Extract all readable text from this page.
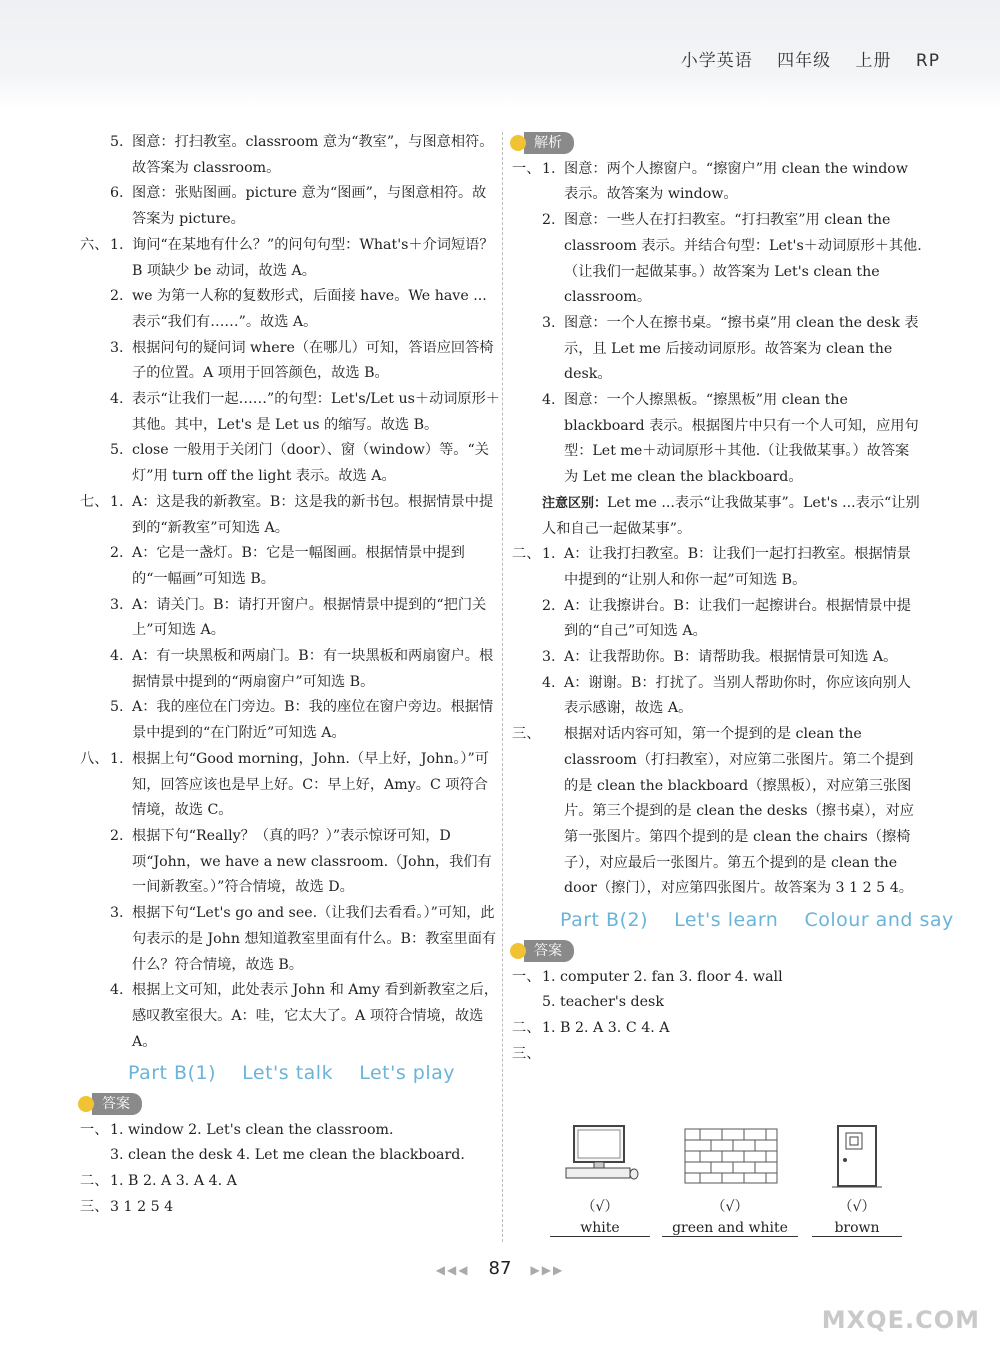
小学英语 四年级 上册 RP
5. 图意：打扫教室。classroom 意为“教室”，与图意相符。故答案为 classroom。
6. 图意：张贴图画。picture 意为“图画”，与图意相符。故答案为 picture。
六、 1. 询问“在某地有什么？”的问句句型：What's＋介词短语？B 项缺少 be 动词，故选 A。
2. we 为第一人称的复数形式，后面接 have。We have ... 表示“我们有……”。故选 A。
3. 根据问句的疑问词 where（在哪儿）可知，答语应回答椅子的位置。A 项用于回答颜色，故选 B。
4. 表示“让我们一起……”的句型：Let's/Let us＋动词原形＋其他。其中，Let's 是 Let us 的缩写。故选 B。
5. close 一般用于关闭门（door）、窗（window）等。“关灯”用 turn off the light 表示。故选 A。
七、 1. A：这是我的新教室。B：这是我的新书包。根据情景中提到的“新教室”可知选 A。
2. A：它是一盏灯。B：它是一幅图画。根据情景中提到的“一幅画”可知选 B。
3. A：请关门。B：请打开窗户。根据情景中提到的“把门关上”可知选 A。
4. A：有一块黑板和两扇门。B：有一块黑板和两扇窗户。根据情景中提到的“两扇窗户”可知选 B。
5. A：我的座位在门旁边。B：我的座位在窗户旁边。根据情景中提到的“在门附近”可知选 A。
八、 1. 根据上句“Good morning，John.（早上好，John。）”可知，回答应该也是早上好。C：早上好，Amy。C 项符合情境，故选 C。
2. 根据下句“Really？（真的吗？）”表示惊讶可知，D 项“John，we have a new classroom.（John，我们有一间新教室。）”符合情境，故选 D。
3. 根据下句“Let's go and see.（让我们去看看。）”可知，此句表示的是 John 想知道教室里面有什么。B：教室里面有什么？符合情境，故选 B。
4. 根据上文可知，此处表示 John 和 Amy 看到新教室之后，感叹教室很大。A：哇，它太大了。A 项符合情境，故选 A。
Part B(1)    Let's talk    Let's play
答案
一、 1. window 2. Let's clean the classroom.
3. clean the desk 4. Let me clean the blackboard.
二、 1. B 2. A 3. A 4. A
三、 3 1 2 5 4
解析
一、 1. 图意：两个人擦窗户。“擦窗户”用 clean the window 表示。故答案为 window。
2. 图意：一些人在打扫教室。“打扫教室”用 clean the classroom 表示。并结合句型：Let's＋动词原形＋其他.（让我们一起做某事。）故答案为 Let's clean the classroom。
3. 图意：一个人在擦书桌。“擦书桌”用 clean the desk 表示，且 Let me 后接动词原形。故答案为 clean the desk。
4. 图意：一个人擦黑板。“擦黑板”用 clean the blackboard 表示。根据图片中只有一个人可知，应用句型：Let me＋动词原形＋其他.（让我做某事。）故答案为 Let me clean the blackboard。
注意区别：Let me ...表示“让我做某事”。Let's ...表示“让别人和自己一起做某事”。
二、 1. A：让我打扫教室。B：让我们一起打扫教室。根据情景中提到的“让别人和你一起”可知选 B。
2. A：让我擦讲台。B：让我们一起擦讲台。根据情景中提到的“自己”可知选 A。
3. A：让我帮助你。B：请帮助我。根据情景可知选 A。
4. A：谢谢。B：打扰了。当别人帮助你时，你应该向别人表示感谢，故选 A。
三、 根据对话内容可知，第一个提到的是 clean the classroom（打扫教室），对应第二张图片。第二个提到的是 clean the blackboard（擦黑板），对应第三张图片。第三个提到的是 clean the desks（擦书桌），对应第一张图片。第四个提到的是 clean the chairs（擦椅子），对应最后一张图片。第五个提到的是 clean the door（擦门），对应第四张图片。故答案为 3 1 2 5 4。
Part B(2)    Let's learn    Colour and say
答案
一、 1. computer 2. fan 3. floor 4. wall
5. teacher's desk
二、 1. B 2. A 3. C 4. A
三、
（√）
white
（√）
green and white
（√）
brown
◀◀◀ 87 ▶▶▶
MXQE.COM
